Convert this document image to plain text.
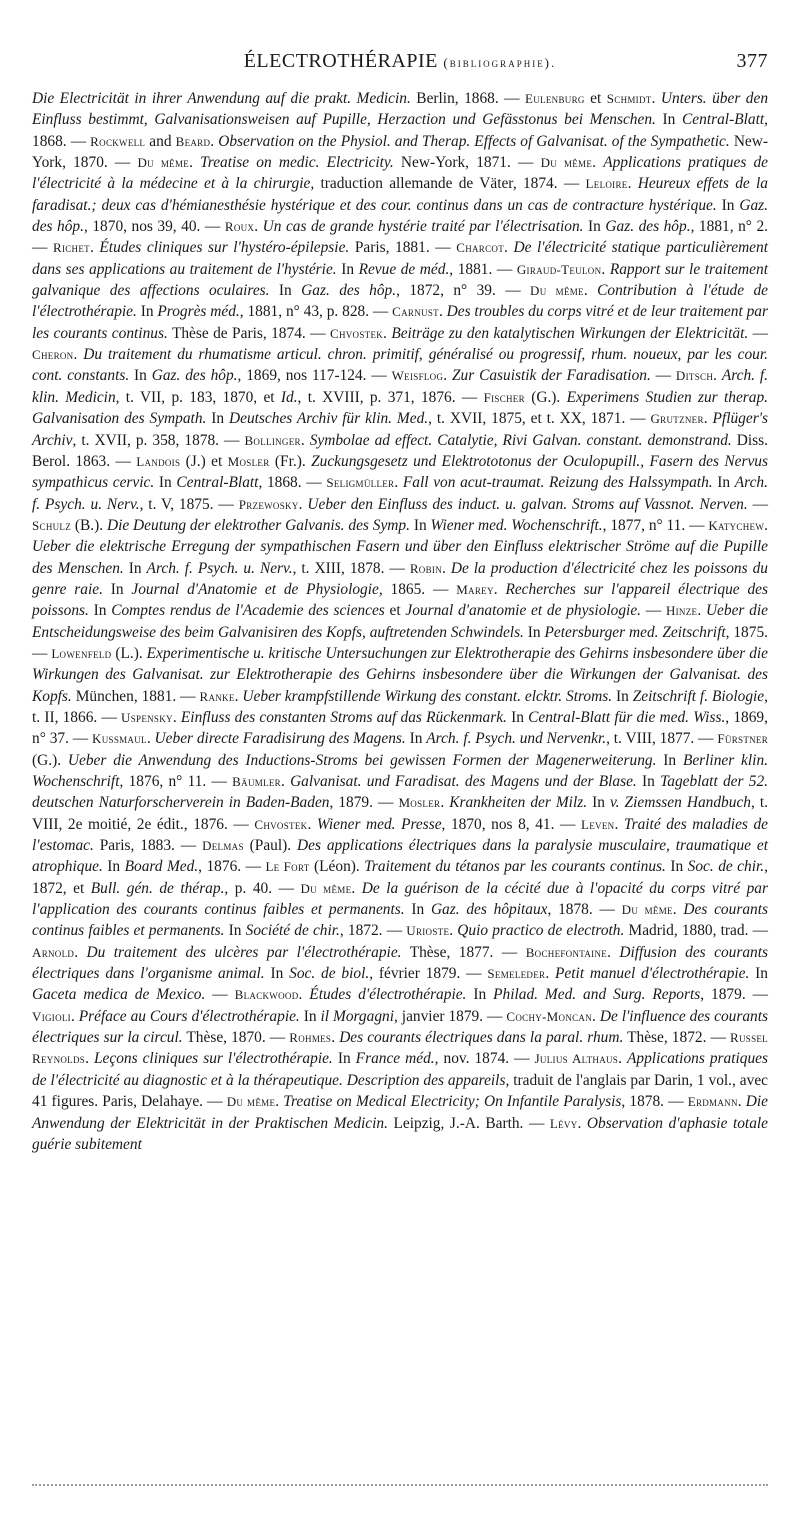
ÉLECTROTHÉRAPIE (bibliographie).	377
Die Electricität in ihrer Anwendung auf die prakt. Medicin. Berlin, 1868. — Eulenburg et Schmidt. Unters. über den Einfluss bestimmt, Galvanisationsweisen auf Pupille, Herzaction und Gefässtonus bei Menschen. In Central-Blatt, 1868. — Rockwell and Beard. Observation on the Physiol. and Therap. Effects of Galvanisat. of the Sympathetic. New-York, 1870. — Du même. Treatise on medic. Electricity. New-York, 1871. — Du même. Applications pratiques de l'électricité à la médecine et à la chirurgie, traduction allemande de Väter, 1874. — Leloire. Heureux effets de la faradisat.; deux cas d'hémianesthésie hystérique et des cour. continus dans un cas de contracture hystérique. In Gaz. des hôp., 1870, nos 39, 40. — Roux. Un cas de grande hystérie traité par l'électrisation. In Gaz. des hôp., 1881, n° 2. — Richet. Études cliniques sur l'hystéro-épilepsie. Paris, 1881. — Charcot. De l'électricité statique particulièrement dans ses applications au traitement de l'hystérie. In Revue de méd., 1881. — Giraud-Teulon. Rapport sur le traitement galvanique des affections oculaires. In Gaz. des hôp., 1872, n° 39. — Du même. Contribution à l'étude de l'électrothérapie. In Progrès méd., 1881, n° 43, p. 828. — Carnust. Des troubles du corps vitré et de leur traitement par les courants continus. Thèse de Paris, 1874. — Chvostek. Beiträge zu den katalytischen Wirkungen der Elektricität. —Cheron. Du traitement du rhumatisme articul. chron. primitif, généralisé ou progressif, rhum. noueux, par les cour. cont. constants. In Gaz. des hôp., 1869, nos 117-124. — Weisflog. Zur Casuistik der Faradisation. — Ditsch. Arch. f. klin. Medicin, t. VII, p. 183, 1870, et Id., t. XVIII, p. 371, 1876. — Fischer (G.). Experimens Studien zur therap. Galvanisation des Sympath. In Deutsches Archiv für klin. Med., t. XVII, 1875, et t. XX, 1871. — Grutzner. Pflüger's Archiv, t. XVII, p. 358, 1878. — Bollinger. Symbolae ad effect. Catalytie, Rivi Galvan. constant. demonstrand. Diss. Berol. 1863. — Landois (J.) et Mosler (Fr.). Zuckungsgesetz und Elektrototonus der Oculopupill., Fasern des Nervus sympathicus cervic. In Central-Blatt, 1868. — Seligmüller. Fall von acut-traumat. Reizung des Halssympath. In Arch. f. Psych. u. Nerv., t. V, 1875. — Przewosky. Ueber den Einfluss des induct. u. galvan. Stroms auf Vassnot. Nerven. — Schulz (B.). Die Deutung der elektrother Galvanis. des Symp. In Wiener med. Wochenschrift., 1877, n° 11. — Katychew. Ueber die elektrische Erregung der sympathischen Fasern und über den Einfluss elektrischer Ströme auf die Pupille des Menschen. In Arch. f. Psych. u. Nerv., t. XIII, 1878. — Robin. De la production d'électricité chez les poissons du genre raie. In Journal d'Anatomie et de Physiologie, 1865. — Marey. Recherches sur l'appareil électrique des poissons. In Comptes rendus de l'Academie des sciences et Journal d'anatomie et de physiologie. — Hinze. Ueber die Entscheidungsweise des beim Galvanisiren des Kopfs, auftretenden Schwindels. In Petersburger med. Zeitschrift, 1875. — Lowenfeld (L.). Experimentische u. kritische Untersuchungen zur Elektrotherapie des Gehirns insbesondere über die Wirkungen des Galvanisat. zur Elektrotherapie des Gehirns insbesondere über die Wirkungen der Galvanisat. des Kopfs. München, 1881. — Ranke. Ueber krampfstillende Wirkung des constant. elcktr. Stroms. In Zeitschrift f. Biologie, t. II, 1866. — Uspensky. Einfluss des constanten Stroms auf das Rückenmark. In Central-Blatt für die med. Wiss., 1869, n° 37. — Kussmaul. Ueber directe Faradisirung des Magens. In Arch. f. Psych. und Nervenkr., t. VIII, 1877. — Fürstner (G.). Ueber die Anwendung des Inductions-Stroms bei gewissen Formen der Magenerweiterung. In Berliner klin. Wochenschrift, 1876, n° 11. — Bäumler. Galvanisat. und Faradisat. des Magens und der Blase. In Tageblatt der 52. deutschen Naturforscherverein in Baden-Baden, 1879. — Mosler. Krankheiten der Milz. In v. Ziemssen Handbuch, t. VIII, 2e moitié, 2e édit., 1876. — Chvostek. Wiener med. Presse, 1870, nos 8, 41. — Leven. Traité des maladies de l'estomac. Paris, 1883. — Delmas (Paul). Des applications électriques dans la paralysie musculaire, traumatique et atrophique. In Board Med., 1876. — Le Fort (Léon). Traitement du tétanos par les courants continus. In Soc. de chir., 1872, et Bull. gén. de thérap., p. 40. — Du même. De la guérison de la cécité due à l'opacité du corps vitré par l'application des courants continus faibles et permanents. In Gaz. des hôpitaux, 1878. — Du même. Des courants continus faibles et permanents. In Société de chir., 1872. — Urioste. Quio practico de electroth. Madrid, 1880, trad. — Arnold. Du traitement des ulcères par l'électrothérapie. Thèse, 1877. — Bochefontaine. Diffusion des courants électriques dans l'organisme animal. In Soc. de biol., février 1879. — Semeleder. Petit manuel d'électrothérapie. In Gaceta medica de Mexico. — Blackwood. Études d'électrothérapie. In Philad. Med. and Surg. Reports, 1879. — Vigioli. Préface au Cours d'électrothérapie. In il Morgagni, janvier 1879. — Cochy-Moncan. De l'influence des courants électriques sur la circul. Thèse, 1870. — Rohmes. Des courants électriques dans la paral. rhum. Thèse, 1872. — Russel Reynolds. Leçons cliniques sur l'électrothérapie. In France méd., nov. 1874. — Julius Althaus. Applications pratiques de l'électricité au diagnostic et à la thérapeutique. Description des appareils, traduit de l'anglais par Darin, 1 vol., avec 41 figures. Paris, Delahaye. — Du même. Treatise on Medical Electricity; On Infantile Paralysis, 1878. — Erdmann. Die Anwendung der Elektricität in der Praktischen Medicin. Leipzig, J.-A. Barth. — Lévy. Observation d'aphasie totale guérie subitement
